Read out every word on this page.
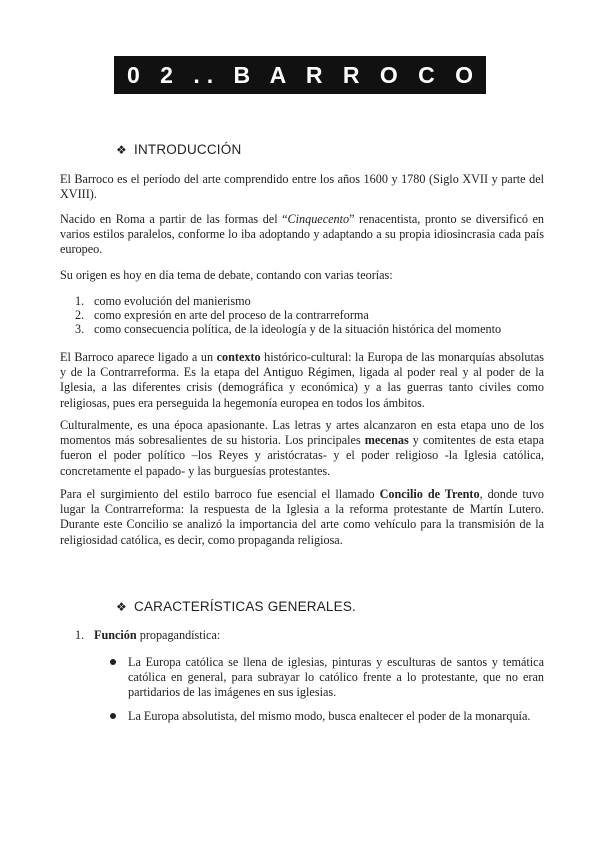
0 2 .. B A R R O C O
❖ INTRODUCCIÓN

El Barroco es el período del arte comprendido entre los años 1600 y 1780 (Siglo XVII y parte del XVIII).

Nacido en Roma a partir de las formas del “Cinquecento” renacentista, pronto se diversificó en varios estilos paralelos, conforme lo iba adoptando y adaptando a su propia idiosincrasia cada país europeo.

Su origen es hoy en día tema de debate, contando con varias teorías:

1. como evolución del manierismo
2. como expresión en arte del proceso de la contrarreforma
3. como consecuencia política, de la ideología y de la situación histórica del momento

El Barroco aparece ligado a un contexto histórico-cultural: la Europa de las monarquías absolutas y de la Contrarreforma. Es la etapa del Antiguo Régimen, ligada al poder real y al poder de la Iglesia, a las diferentes crisis (demográfica y económica) y a las guerras tanto civiles como religiosas, pues era perseguida la hegemonía europea en todos los ámbitos.

Culturalmente, es una época apasionante. Las letras y artes alcanzaron en esta etapa uno de los momentos más sobresalientes de su historia. Los principales mecenas y comitentes de esta etapa fueron el poder político –los Reyes y aristócratas- y el poder religioso -la Iglesia católica, concretamente el papado- y las burguesías protestantes.

Para el surgimiento del estilo barroco fue esencial el llamado Concilio de Trento, donde tuvo lugar la Contrarreforma: la respuesta de la Iglesia a la reforma protestante de Martín Lutero. Durante este Concilio se analizó la importancia del arte como vehículo para la transmisión de la religiosidad católica, es decir, como propaganda religiosa.

❖ CARACTERÍSTICAS GENERALES.
1. Función propagandística:
La Europa católica se llena de iglesias, pinturas y esculturas de santos y temática católica en general, para subrayar lo católico frente a lo protestante, que no eran partidarios de las imágenes en sus iglesias.
La Europa absolutista, del mismo modo, busca enaltecer el poder de la monarquía.
